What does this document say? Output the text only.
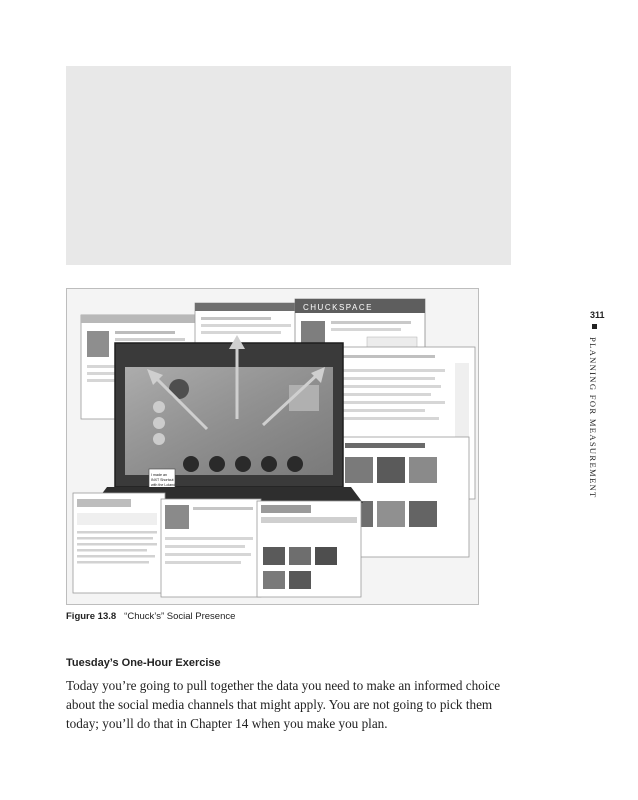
CHUCKSPACE
I made an
INXT Shortcut
with the Loland
Figure 13.8 “Chuck’s” Social Presence
Tuesday’s One-Hour Exercise
Today you’re going to pull together the data you need to make an informed choice about the social media channels that might apply. You are not going to pick them today; you’ll do that in Chapter 14 when you make you plan.
311
PLANNING FOR MEASUREMENT
